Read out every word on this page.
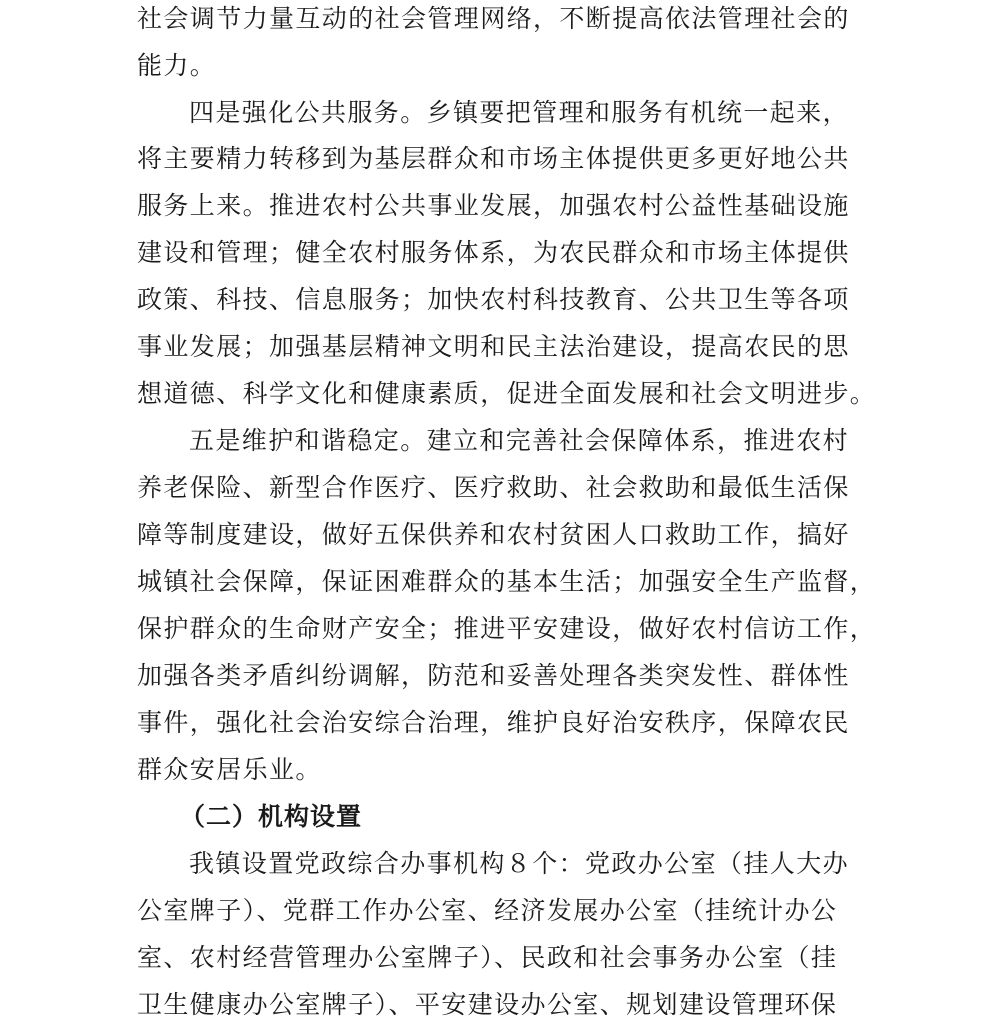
社会调节力量互动的社会管理网络，不断提高依法管理社会的
能力。
四是强化公共服务。乡镇要把管理和服务有机统一起来，
将主要精力转移到为基层群众和市场主体提供更多更好地公共
服务上来。推进农村公共事业发展，加强农村公益性基础设施
建设和管理；健全农村服务体系，为农民群众和市场主体提供
政策、科技、信息服务；加快农村科技教育、公共卫生等各项
事业发展；加强基层精神文明和民主法治建设，提高农民的思
想道德、科学文化和健康素质，促进全面发展和社会文明进步。
五是维护和谐稳定。建立和完善社会保障体系，推进农村
养老保险、新型合作医疗、医疗救助、社会救助和最低生活保
障等制度建设，做好五保供养和农村贫困人口救助工作，搞好
城镇社会保障，保证困难群众的基本生活；加强安全生产监督，
保护群众的生命财产安全；推进平安建设，做好农村信访工作，
加强各类矛盾纠纷调解，防范和妥善处理各类突发性、群体性
事件，强化社会治安综合治理，维护良好治安秩序，保障农民
群众安居乐业。
（二）机构设置
我镇设置党政综合办事机构８个：党政办公室（挂人大办
公室牌子）、党群工作办公室、经济发展办公室（挂统计办公
室、农村经营管理办公室牌子）、民政和社会事务办公室（挂
卫生健康办公室牌子）、平安建设办公室、规划建设管理环保
